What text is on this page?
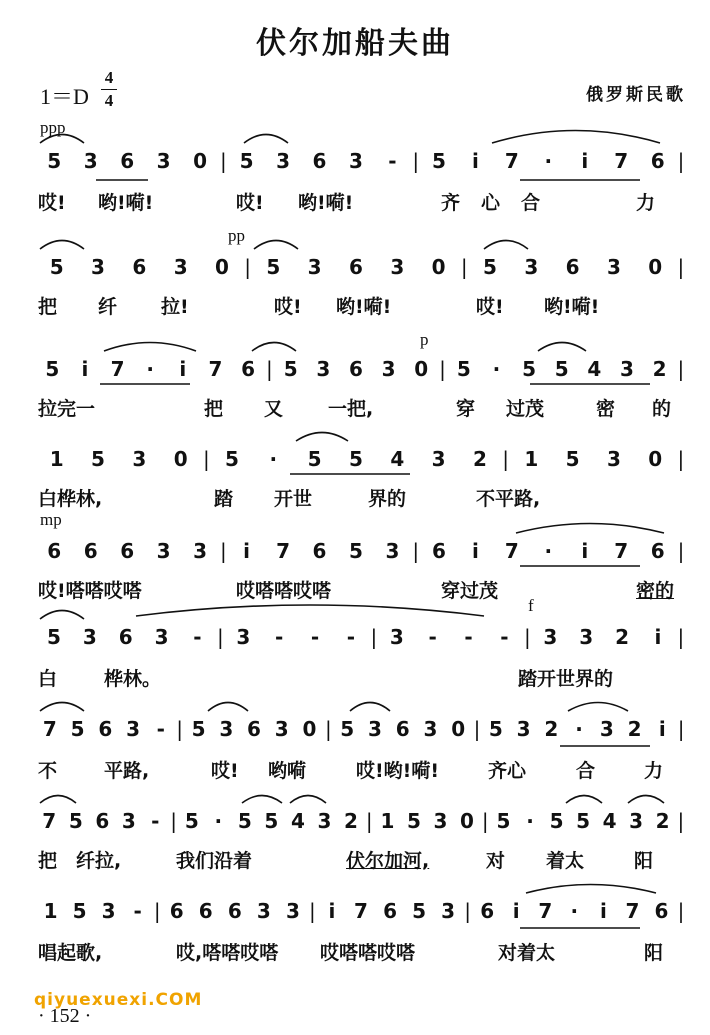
伏尔加船夫曲
1＝D
4
4	俄罗斯民歌
ppp
pp
p
mp
f
5	3	6	3	0 | 5	3	6	3	- | 5	i	7	·	i	7	6 |
哎! 哟!嗬!	哎! 哟!嗬!	齐 心 合	力
5	3	6	3	0 | 5	3	6	3	0 | 5	3	6	3	0 |
把 纤 拉!	哎! 哟!嗬!	哎! 哟!嗬!
5	i	7	·	i	7 6 | 5 3 6 3 0 | 5	·	5 5 4 3 2 |
拉完一	把 又 一把,	穿 过茂	密 的
1	5	3	0 | 5	·	5	5	4	3	2 | 1	5	3	0 |
白桦林,	踏 开世	界的	不平路,
6	6	6	3	3 | i	7	6	5	3 | 6	i	7	·	i	7	6 |
哎!嗒嗒哎嗒	哎嗒嗒哎嗒	穿过茂	密的
5	3	6	3	- | 3	-	-	- | 3	-	-	- | 3	3	2	i |
白 桦林。	踏开世界的
7 5 6 3 - | 5 3 6 3 0 | 5 3 6 3 0 | 5 3 2 · 3 2 i |
不 平路,	哎! 哟嗬	哎!哟!嗬!	齐心	合	力
7 5 6 3 - | 5 · 5 5 4 3 2 | 1 5 3 0 | 5 · 5 5 4 3 2 |
把 纤拉,	我们沿着	伏尔加河,	对 着太	阳
1 5 3 - | 6 6 6 3 3 | i 7 6 5 3 | 6 i 7 ·	i 7 6 |
唱起歌,	哎,嗒嗒哎嗒 哎嗒嗒哎嗒	对着太	阳
qiyuexuexi.COM
· 152 ·
